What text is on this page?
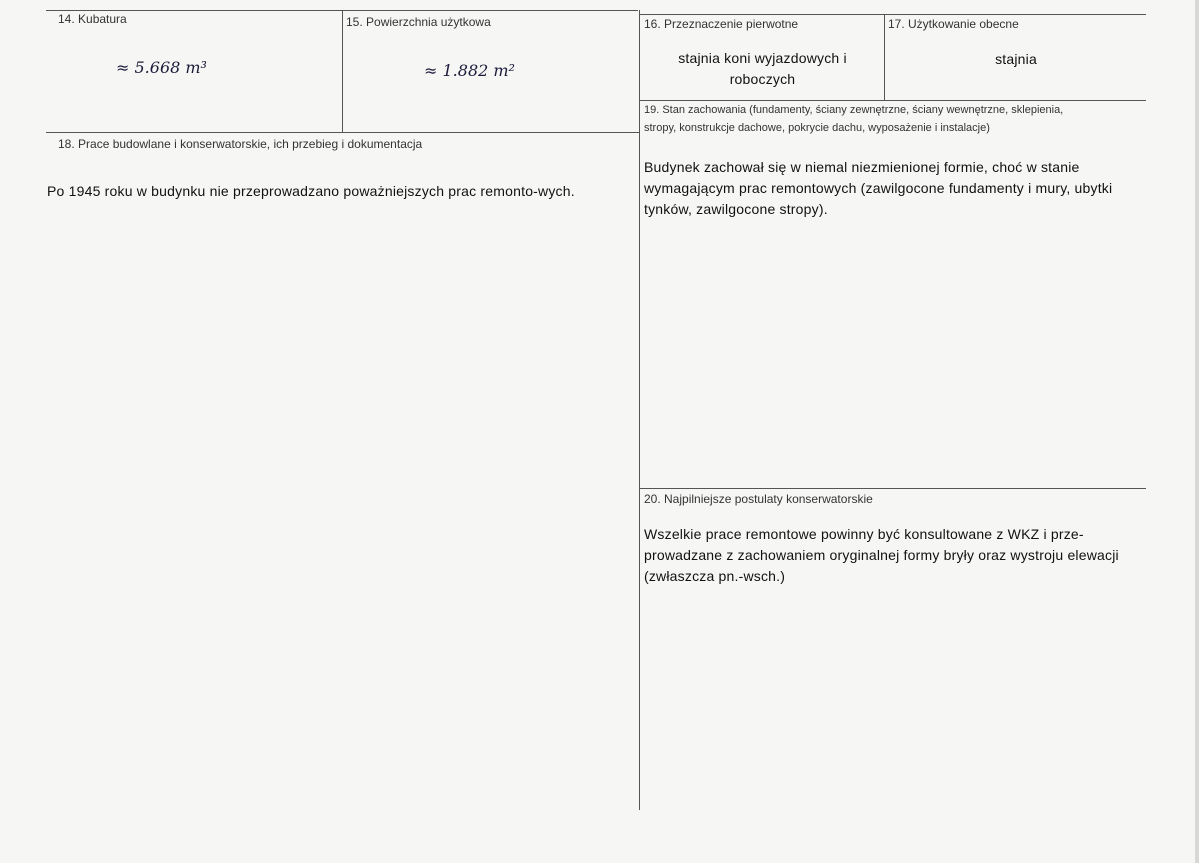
14. Kubatura
≈ 5.668 m³
15. Powierzchnia użytkowa
≈ 1.882 m²
16. Przeznaczenie pierwotne
stajnia koni wyjazdowych i roboczych
17. Użytkowanie obecne
stajnia
19. Stan zachowania (fundamenty, ściany zewnętrzne, ściany wewnętrzne, sklepienia,
stropy, konstrukcje dachowe, pokrycie dachu, wyposażenie i instalacje)
Budynek zachował się w niemal niezmienionej formie, choć w stanie wymagającym prac remontowych (zawilgocone fundamenty i mury, ubytki tynków, zawilgocone stropy).
18. Prace budowlane i konserwatorskie, ich przebieg i dokumentacja
Po 1945 roku w budynku nie przeprowadzano poważniejszych prac remonto-wych.
20. Najpilniejsze postulaty konserwatorskie
Wszelkie prace remontowe powinny być konsultowane z WKZ i prze-prowadzane z zachowaniem oryginalnej formy bryły oraz wystroju elewacji (zwłaszcza pn.-wsch.)
